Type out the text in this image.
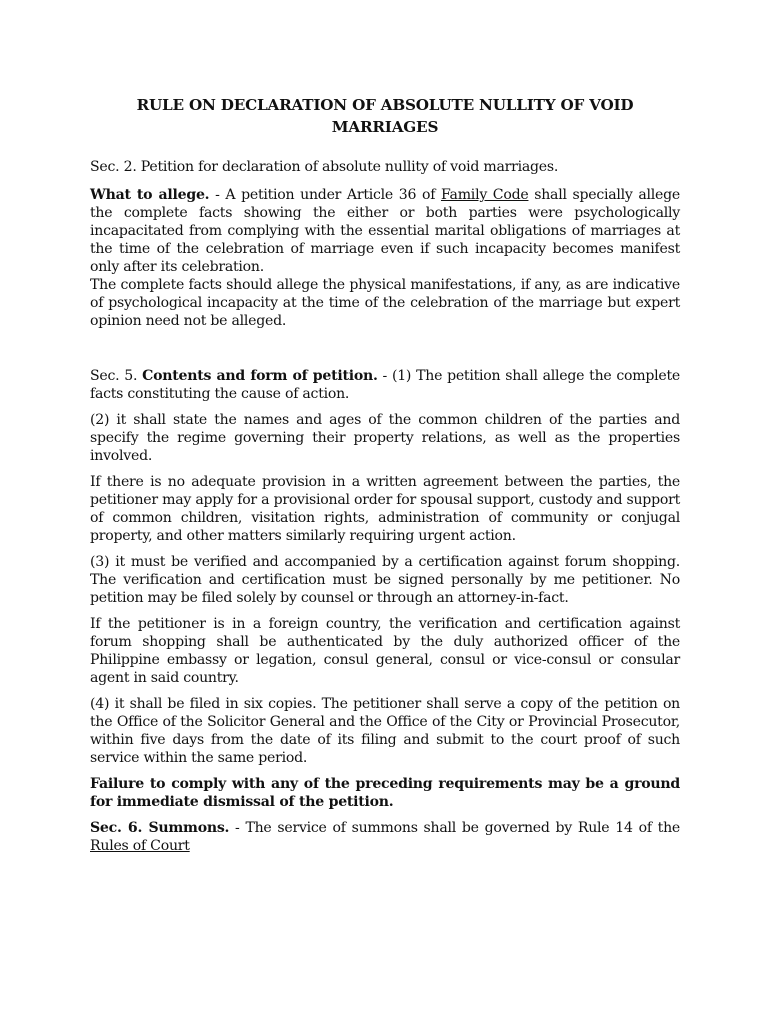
RULE ON DECLARATION OF ABSOLUTE NULLITY OF VOID MARRIAGES

Sec. 2. Petition for declaration of absolute nullity of void marriages.

What to allege. - A petition under Article 36 of Family Code shall specially allege the complete facts showing the either or both parties were psychologically incapacitated from complying with the essential marital obligations of marriages at the time of the celebration of marriage even if such incapacity becomes manifest only after its celebration.

The complete facts should allege the physical manifestations, if any, as are indicative of psychological incapacity at the time of the celebration of the marriage but expert opinion need not be alleged.

Sec. 5. Contents and form of petition. - (1) The petition shall allege the complete facts constituting the cause of action.

(2) it shall state the names and ages of the common children of the parties and specify the regime governing their property relations, as well as the properties involved.

If there is no adequate provision in a written agreement between the parties, the petitioner may apply for a provisional order for spousal support, custody and support of common children, visitation rights, administration of community or conjugal property, and other matters similarly requiring urgent action.

(3) it must be verified and accompanied by a certification against forum shopping. The verification and certification must be signed personally by me petitioner. No petition may be filed solely by counsel or through an attorney-in-fact.

If the petitioner is in a foreign country, the verification and certification against forum shopping shall be authenticated by the duly authorized officer of the Philippine embassy or legation, consul general, consul or vice-consul or consular agent in said country.

(4) it shall be filed in six copies. The petitioner shall serve a copy of the petition on the Office of the Solicitor General and the Office of the City or Provincial Prosecutor, within five days from the date of its filing and submit to the court proof of such service within the same period.

Failure to comply with any of the preceding requirements may be a ground for immediate dismissal of the petition.

Sec. 6. Summons. - The service of summons shall be governed by Rule 14 of the Rules of Court
